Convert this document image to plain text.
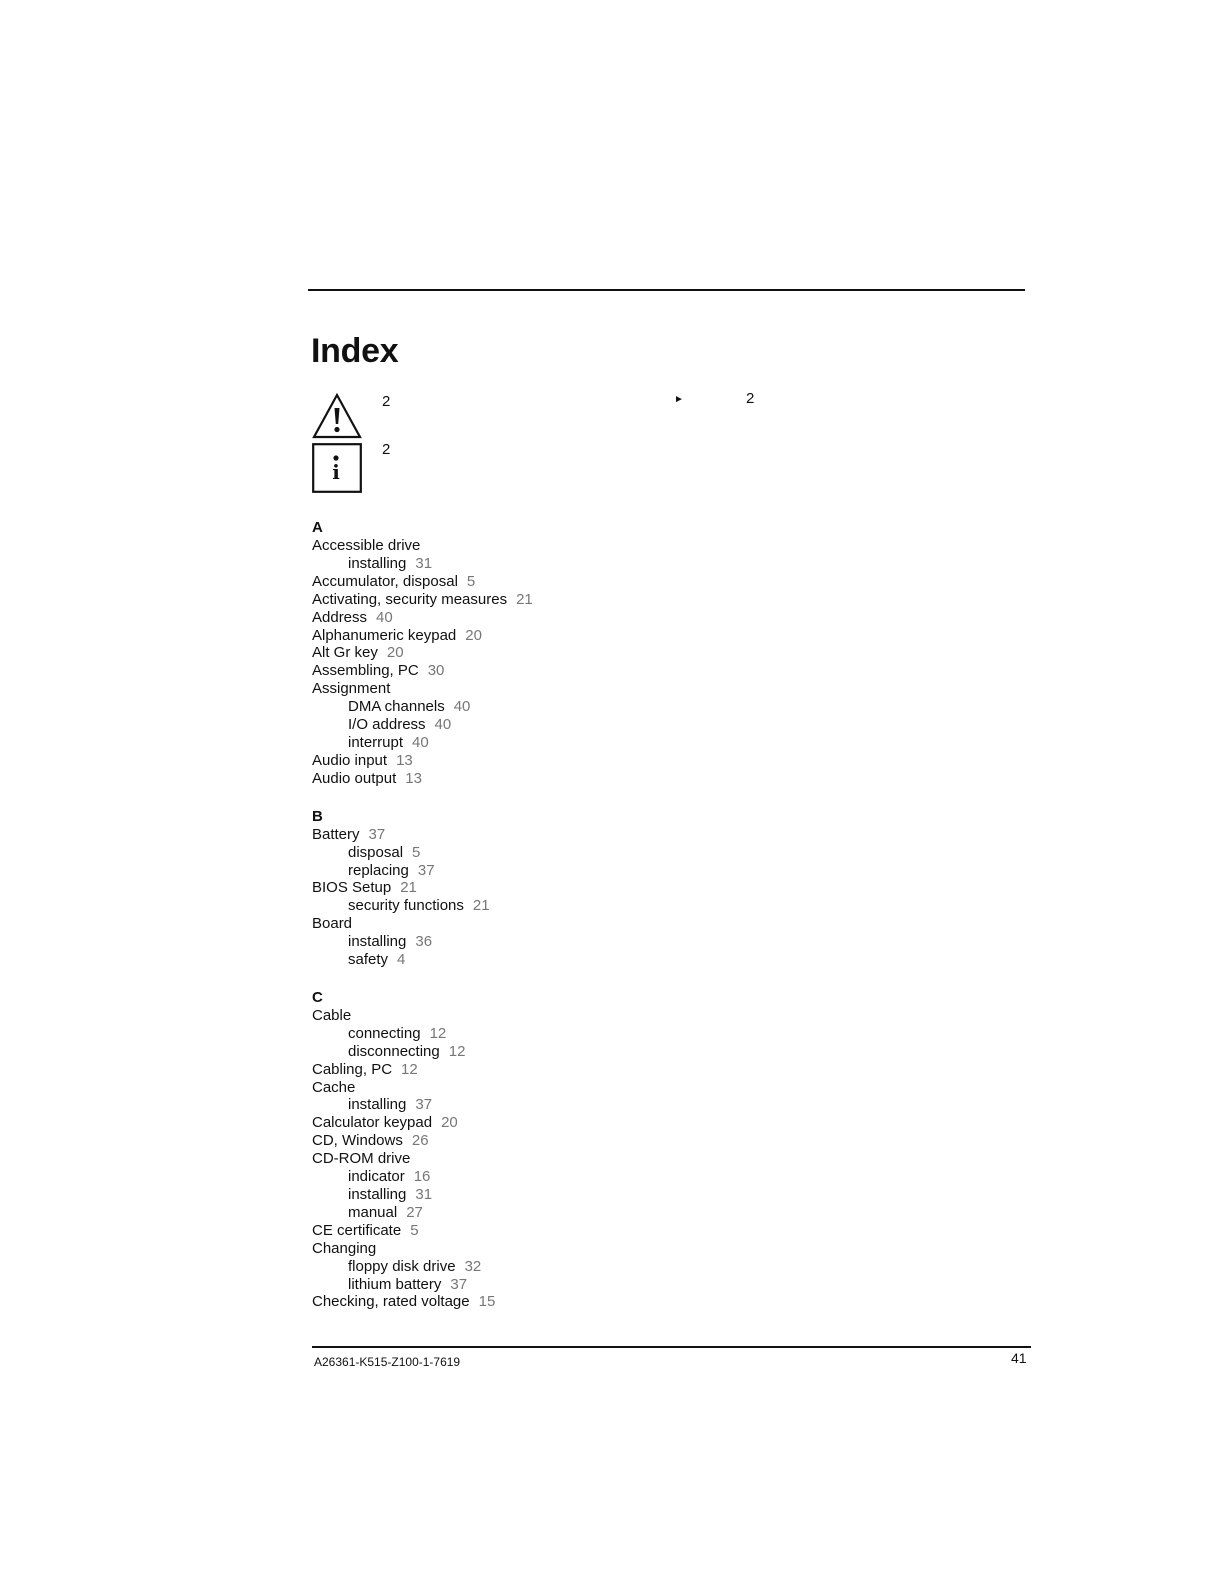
Index
2
i
2
►	2
A
Accessible drive
installing 31
Accumulator, disposal 5
Activating, security measures 21
Address 40
Alphanumeric keypad 20
Alt Gr key 20
Assembling, PC 30
Assignment
DMA channels 40
I/O address 40
interrupt 40
Audio input 13
Audio output 13
B
Battery 37
disposal 5
replacing 37
BIOS Setup 21
security functions 21
Board
installing 36
safety 4
C
Cable
connecting 12
disconnecting 12
Cabling, PC 12
Cache
installing 37
Calculator keypad 20
CD, Windows 26
CD-ROM drive
indicator 16
installing 31
manual 27
CE certificate 5
Changing
floppy disk drive 32
lithium battery 37
Checking, rated voltage 15
A26361-K515-Z100-1-7619	41
